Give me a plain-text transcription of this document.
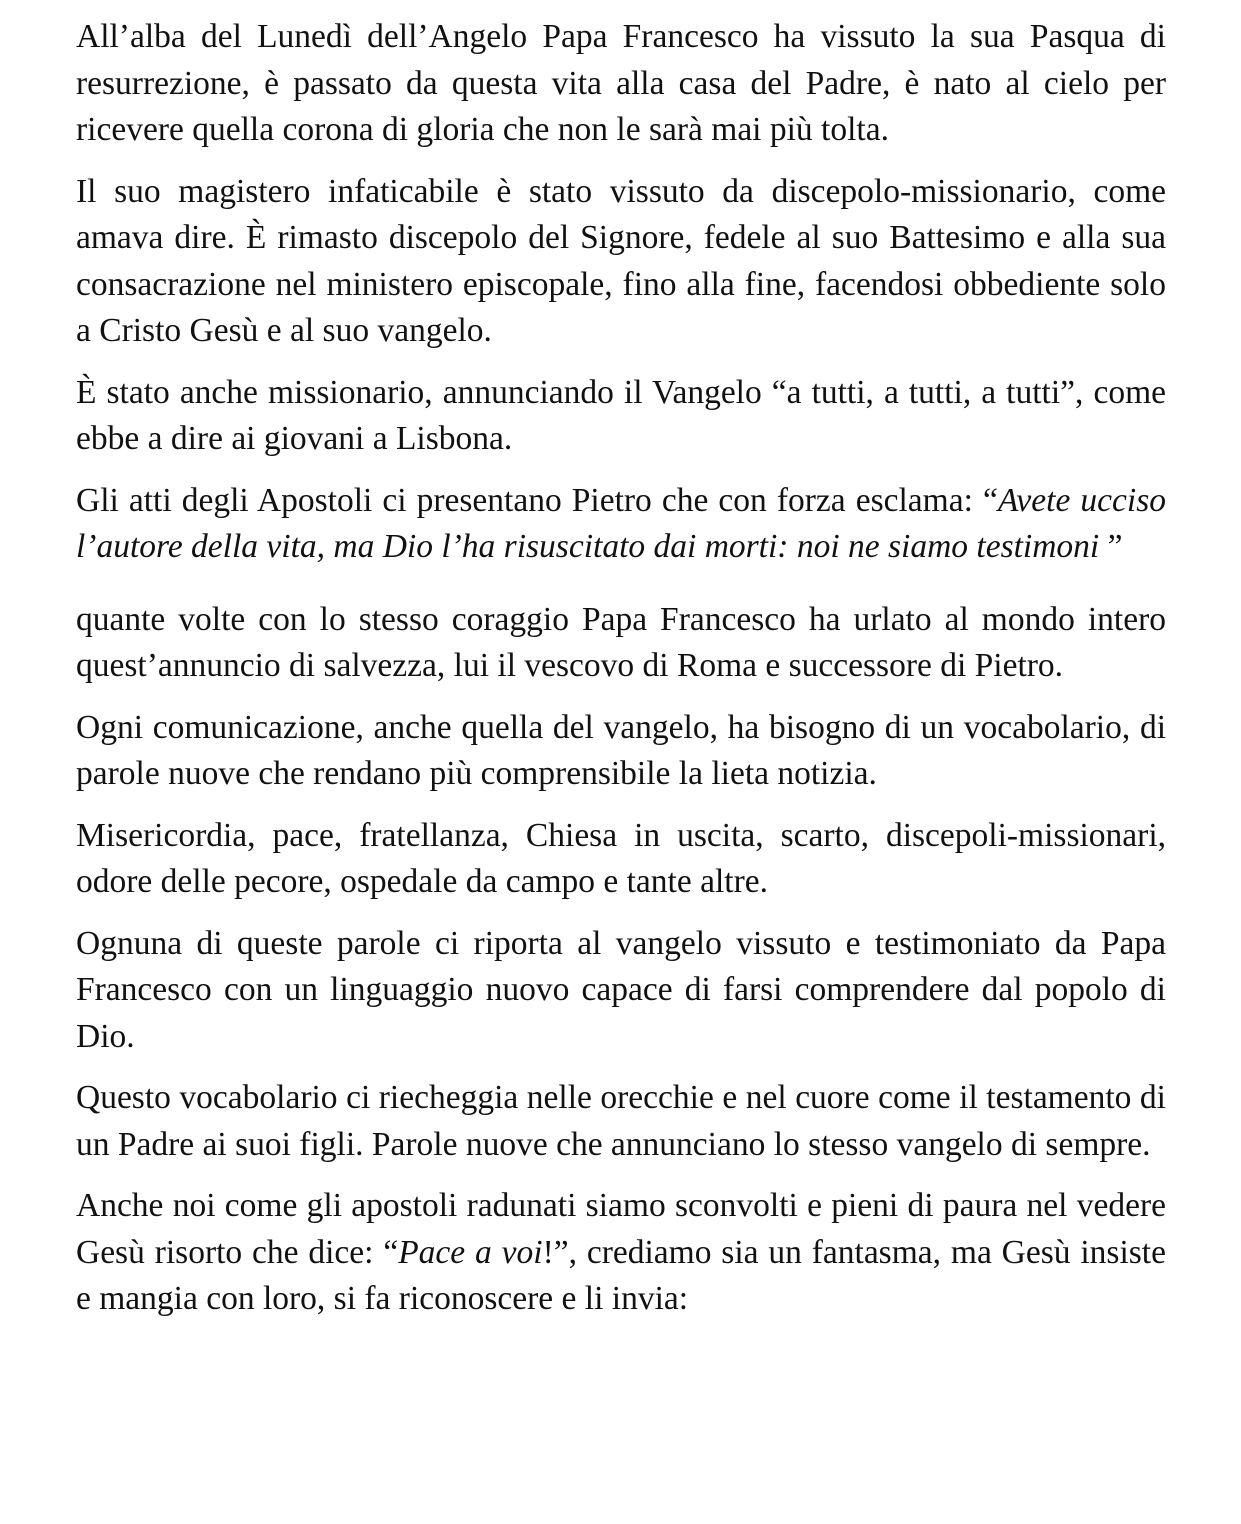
All’alba del Lunedì dell’Angelo Papa Francesco ha vissuto la sua Pasqua di resurrezione, è passato da questa vita alla casa del Padre, è nato al cielo per ricevere quella corona di gloria che non le sarà mai più tolta.

Il suo magistero infaticabile è stato vissuto da discepolo-missionario, come amava dire. È rimasto discepolo del Signore, fedele al suo Battesimo e alla sua consacrazione nel ministero episcopale, fino alla fine, facendosi obbediente solo a Cristo Gesù e al suo vangelo.

È stato anche missionario, annunciando il Vangelo “a tutti, a tutti, a tutti”, come ebbe a dire ai giovani a Lisbona.

Gli atti degli Apostoli ci presentano Pietro che con forza esclama: “Avete ucciso l’autore della vita, ma Dio l’ha risuscitato dai morti: noi ne siamo testimoni ”

quante volte con lo stesso coraggio Papa Francesco ha urlato al mondo intero quest’annuncio di salvezza, lui il vescovo di Roma e successore di Pietro.

Ogni comunicazione, anche quella del vangelo, ha bisogno di un vocabolario, di parole nuove che rendano più comprensibile la lieta notizia.

Misericordia, pace, fratellanza, Chiesa in uscita, scarto, discepoli-missionari, odore delle pecore, ospedale da campo e tante altre.

Ognuna di queste parole ci riporta al vangelo vissuto e testimoniato da Papa Francesco con un linguaggio nuovo capace di farsi comprendere dal popolo di Dio.

Questo vocabolario ci riecheggia nelle orecchie e nel cuore come il testamento di un Padre ai suoi figli. Parole nuove che annunciano lo stesso vangelo di sempre.

Anche noi come gli apostoli radunati siamo sconvolti e pieni di paura nel vedere Gesù risorto che dice: “Pace a voi!”, crediamo sia un fantasma, ma Gesù insiste e mangia con loro, si fa riconoscere e li invia:
